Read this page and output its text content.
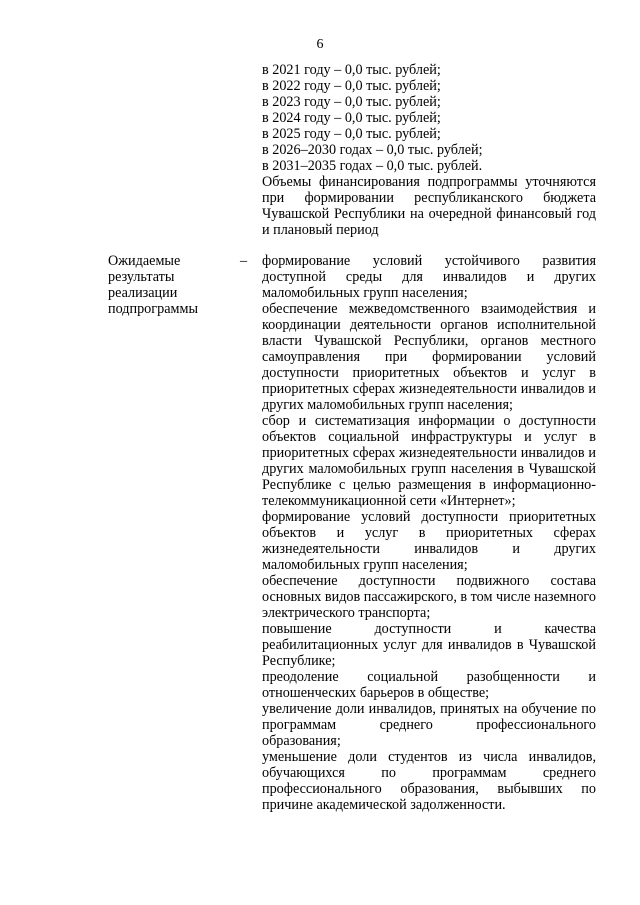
6
в 2021 году – 0,0 тыс. рублей;
в 2022 году – 0,0 тыс. рублей;
в 2023 году – 0,0 тыс. рублей;
в 2024 году – 0,0 тыс. рублей;
в 2025 году – 0,0 тыс. рублей;
в 2026–2030 годах – 0,0 тыс. рублей;
в 2031–2035 годах – 0,0 тыс. рублей.
Объемы финансирования подпрограммы уточняются при формировании республиканского бюджета Чувашской Республики на очередной финансовый год и плановый период
Ожидаемые результаты реализации подпрограммы
– формирование условий устойчивого развития доступной среды для инвалидов и других маломобильных групп населения;
обеспечение межведомственного взаимодействия и координации деятельности органов исполнительной власти Чувашской Республики, органов местного самоуправления при формировании условий доступности приоритетных объектов и услуг в приоритетных сферах жизнедеятельности инвалидов и других маломобильных групп населения;
сбор и систематизация информации о доступности объектов социальной инфраструктуры и услуг в приоритетных сферах жизнедеятельности инвалидов и других маломобильных групп населения в Чувашской Республике с целью размещения в информационно-телекоммуникационной сети «Интернет»;
формирование условий доступности приоритетных объектов и услуг в приоритетных сферах жизнедеятельности инвалидов и других маломобильных групп населения;
обеспечение доступности подвижного состава основных видов пассажирского, в том числе наземного электрического транспорта;
повышение доступности и качества реабилитационных услуг для инвалидов в Чувашской Республике;
преодоление социальной разобщенности и отношенческих барьеров в обществе;
увеличение доли инвалидов, принятых на обучение по программам среднего профессионального образования;
уменьшение доли студентов из числа инвалидов, обучающихся по программам среднего профессионального образования, выбывших по причине академической задолженности.
